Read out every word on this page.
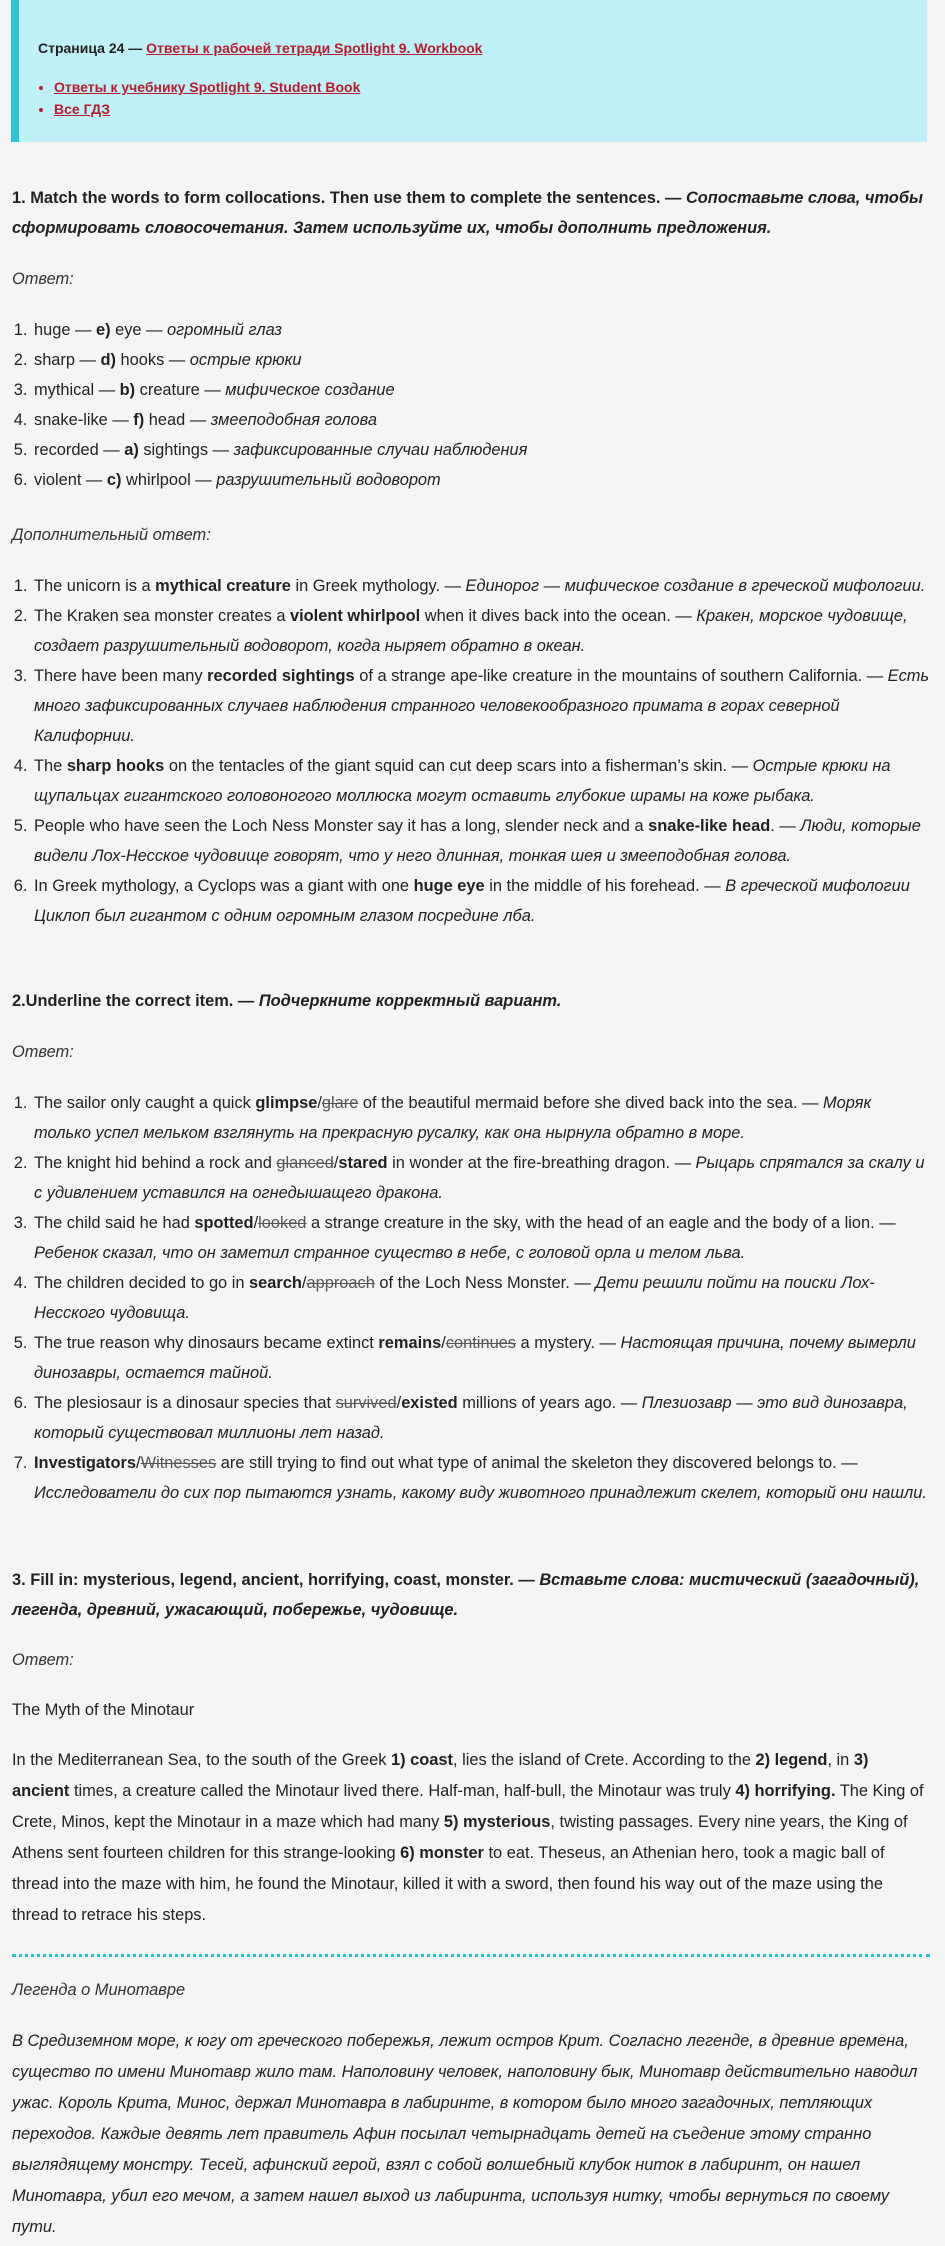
Страница 24 — Ответы к рабочей тетради Spotlight 9. Workbook
• Ответы к учебнику Spotlight 9. Student Book
• Все ГДЗ
1. Match the words to form collocations. Then use them to complete the sentences. — Сопоставьте слова, чтобы сформировать словосочетания. Затем используйте их, чтобы дополнить предложения.
Ответ:
1. huge — e) eye — огромный глаз
2. sharp — d) hooks — острые крюки
3. mythical — b) creature — мифическое создание
4. snake-like — f) head — змееподобная голова
5. recorded — a) sightings — зафиксированные случаи наблюдения
6. violent — c) whirlpool — разрушительный водоворот
Дополнительный ответ:
1. The unicorn is a mythical creature in Greek mythology. — Единорог — мифическое создание в греческой мифологии.
2. The Kraken sea monster creates a violent whirlpool when it dives back into the ocean. — Кракен, морское чудовище, создает разрушительный водоворот, когда ныряет обратно в океан.
3. There have been many recorded sightings of a strange ape-like creature in the mountains of southern California. — Есть много зафиксированных случаев наблюдения странного человекообразного примата в горах северной Калифорнии.
4. The sharp hooks on the tentacles of the giant squid can cut deep scars into a fisherman’s skin. — Острые крюки на щупальцах гигантского головоногого моллюска могут оставить глубокие шрамы на коже рыбака.
5. People who have seen the Loch Ness Monster say it has a long, slender neck and a snake-like head. — Люди, которые видели Лох-Несское чудовище говорят, что у него длинная, тонкая шея и змееподобная голова.
6. In Greek mythology, a Cyclops was a giant with one huge eye in the middle of his forehead. — В греческой мифологии Циклоп был гигантом с одним огромным глазом посредине лба.
2.Underline the correct item. — Подчеркните корректный вариант.
Ответ:
1. The sailor only caught a quick glimpse/glare of the beautiful mermaid before she dived back into the sea. — Моряк только успел мельком взглянуть на прекрасную русалку, как она нырнула обратно в море.
2. The knight hid behind a rock and glanced/stared in wonder at the fire-breathing dragon. — Рыцарь спрятался за скалу и с удивлением уставился на огнедышащего дракона.
3. The child said he had spotted/looked a strange creature in the sky, with the head of an eagle and the body of a lion. — Ребенок сказал, что он заметил странное существо в небе, с головой орла и телом льва.
4. The children decided to go in search/approach of the Loch Ness Monster. — Дети решили пойти на поиски Лох-Несского чудовища.
5. The true reason why dinosaurs became extinct remains/continues a mystery. — Настоящая причина, почему вымерли динозавры, остается тайной.
6. The plesiosaur is a dinosaur species that survived/existed millions of years ago. — Плезиозавр — это вид динозавра, который существовал миллионы лет назад.
7. Investigators/Witnesses are still trying to find out what type of animal the skeleton they discovered belongs to. — Исследователи до сих пор пытаются узнать, какому виду животного принадлежит скелет, который они нашли.
3. Fill in: mysterious, legend, ancient, horrifying, coast, monster. — Вставьте слова: мистический (загадочный), легенда, древний, ужасающий, побережье, чудовище.
Ответ:
The Myth of the Minotaur
In the Mediterranean Sea, to the south of the Greek 1) coast, lies the island of Crete. According to the 2) legend, in 3) ancient times, a creature called the Minotaur lived there. Half-man, half-bull, the Minotaur was truly 4) horrifying. The King of Crete, Minos, kept the Minotaur in a maze which had many 5) mysterious, twisting passages. Every nine years, the King of Athens sent fourteen children for this strange-looking 6) monster to eat. Theseus, an Athenian hero, took a magic ball of thread into the maze with him, he found the Minotaur, killed it with a sword, then found his way out of the maze using the thread to retrace his steps.
Легенда о Минотавре
В Средиземном море, к югу от греческого побережья, лежит остров Крит. Согласно легенде, в древние времена, существо по имени Минотавр жило там. Наполовину человек, наполовину бык, Минотавр действительно наводил ужас. Король Крита, Минос, держал Минотавра в лабиринте, в котором было много загадочных, петляющих переходов. Каждые девять лет правитель Афин посылал четырнадцать детей на съедение этому странно выглядящему монстру. Тесей, афинский герой, взял с собой волшебный клубок ниток в лабиринт, он нашел Минотавра, убил его мечом, а затем нашел выход из лабиринта, используя нитку, чтобы вернуться по своему пути.
